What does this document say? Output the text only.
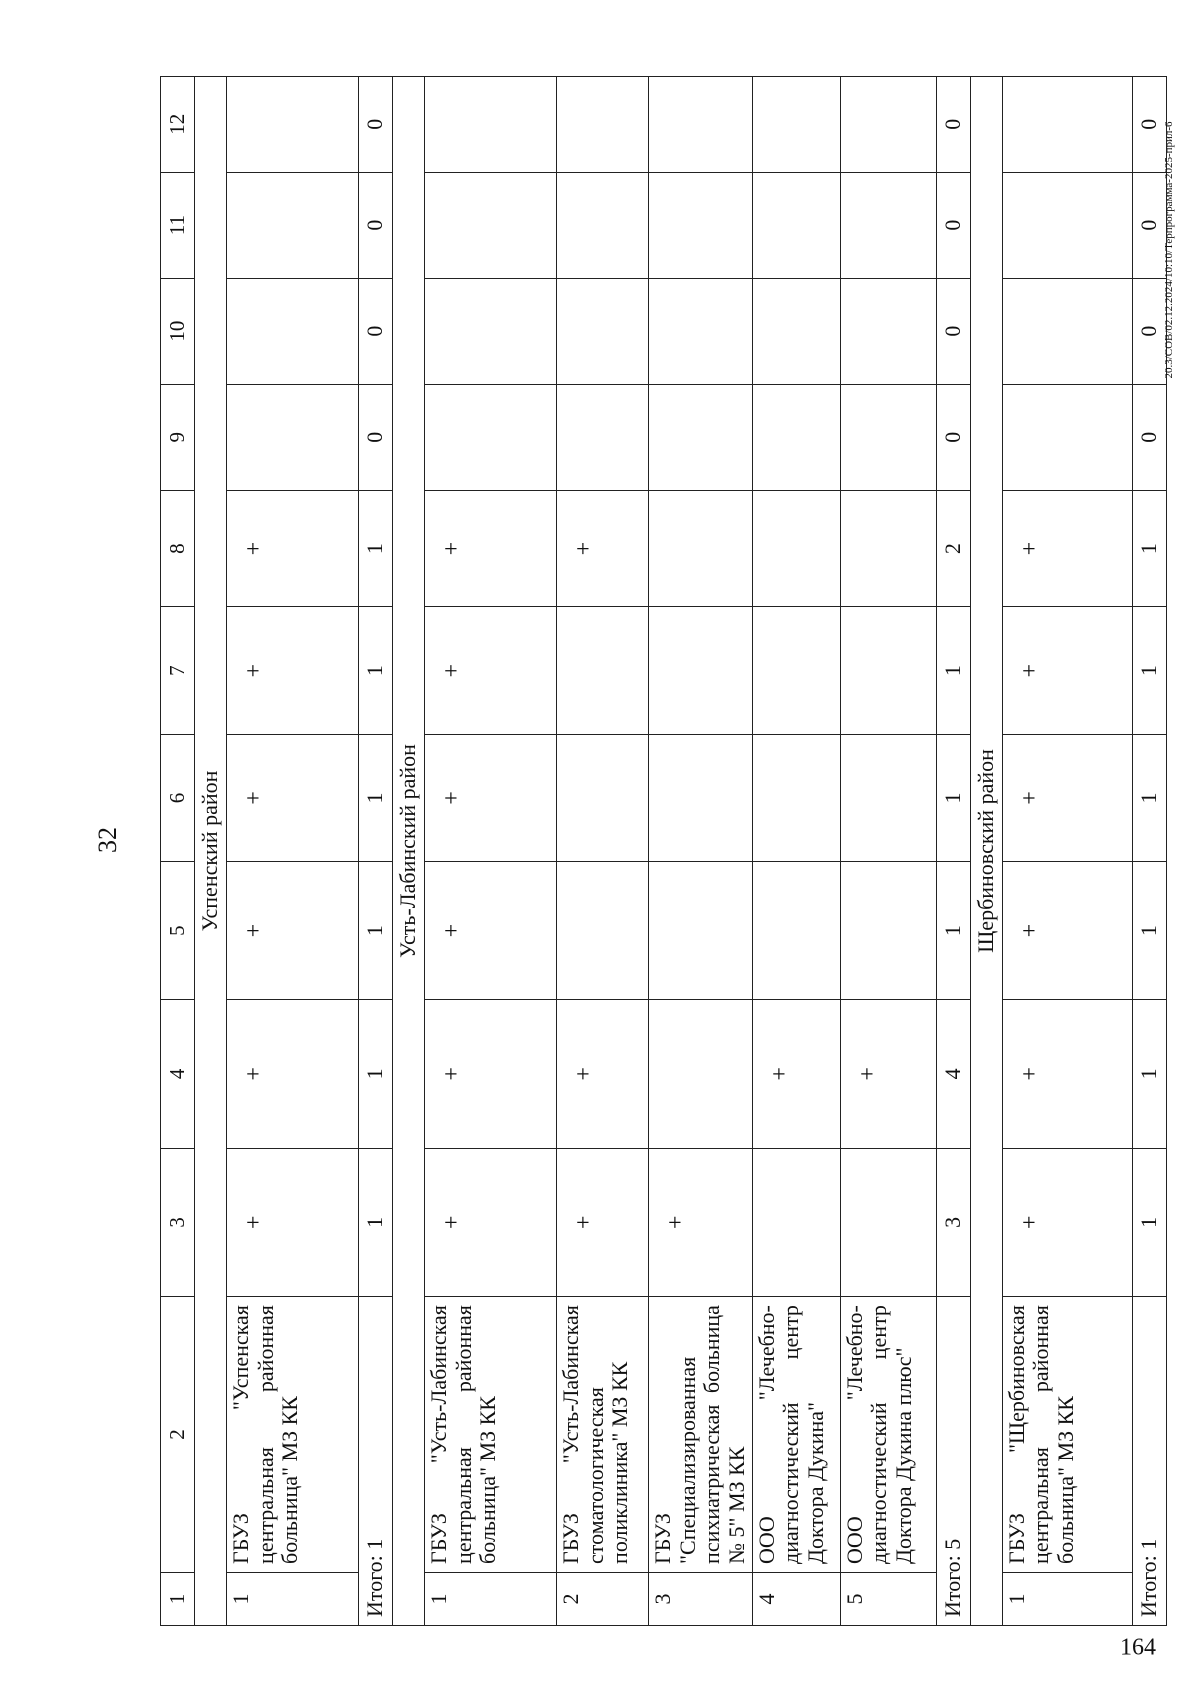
32
1	2	3	4	5	6	7	8	9	10	11	12
Успенский район											
1	ГБУЗ "Успенская центральная районная больница" МЗ КК	+	+	+	+	+	+				
Итого: 1		1	1	1	1	1	1	0	0	0	0
Усть-Лабинский район											
1	ГБУЗ "Усть-Лабинская центральная районная больница" МЗ КК	+	+	+	+	+	+				
2	ГБУЗ "Усть-Лабинская стоматологическая поликлиника" МЗ КК	+	+				+				
3	ГБУЗ "Специализированная психиатрическая больница № 5" МЗ КК	+									
4	ООО "Лечебно-диагностический центр Доктора Дукина"		+								
5	ООО "Лечебно-диагностический центр Доктора Дукина плюс"		+								
Итого: 5		3	4	1	1	1	2	0	0	0	0
Щербиновский район											
1	ГБУЗ "Щербиновская центральная районная больница" МЗ КК	+	+	+	+	+	+				
Итого: 1		1	1	1	1	1	1	0	0	0	0
164
20.3/СОВ/02.12.2024/10:10/Терпрограмма-2025-прил-6
